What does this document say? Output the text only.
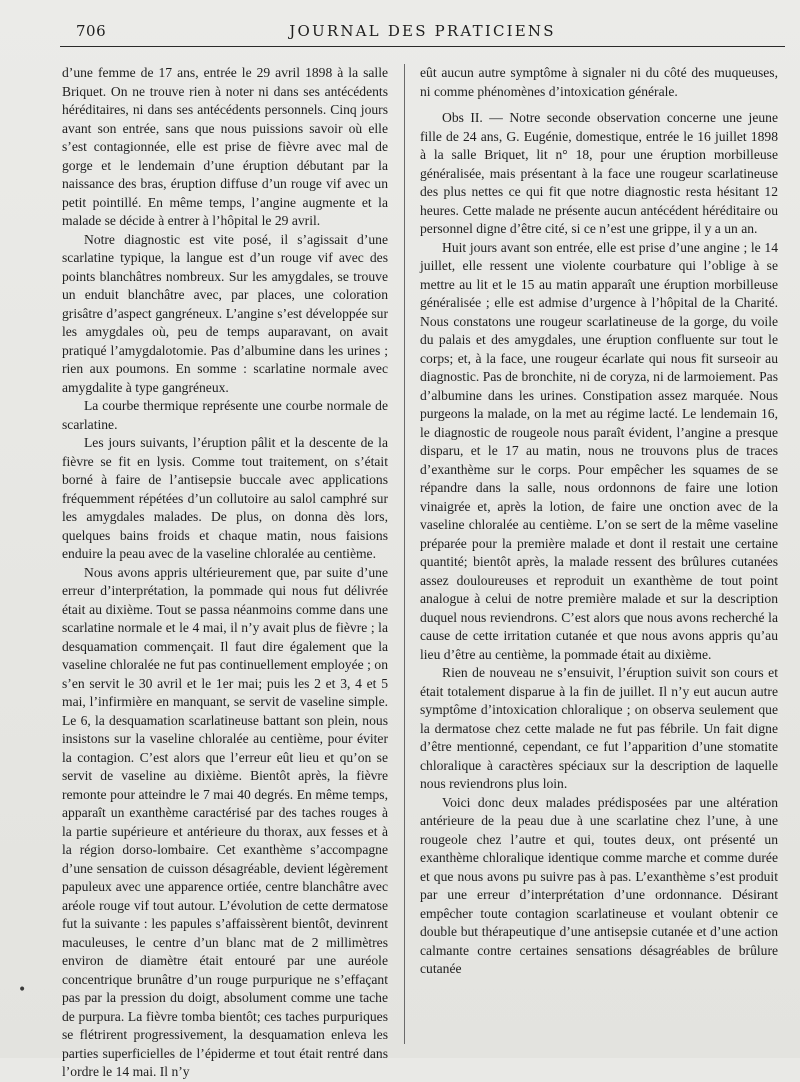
706	JOURNAL DES PRATICIENS

d’une femme de 17 ans, entrée le 29 avril 1898 à la salle Briquet. On ne trouve rien à noter ni dans ses antécédents héréditaires, ni dans ses antécédents personnels. Cinq jours avant son entrée, sans que nous puissions savoir où elle s’est contagionnée, elle est prise de fièvre avec mal de gorge et le lendemain d’une éruption débutant par la naissance des bras, éruption diffuse d’un rouge vif avec un petit pointillé. En même temps, l’angine augmente et la malade se décide à entrer à l’hôpital le 29 avril.

Notre diagnostic est vite posé, il s’agissait d’une scarlatine typique, la langue est d’un rouge vif avec des points blanchâtres nombreux. Sur les amygdales, se trouve un enduit blanchâtre avec, par places, une coloration grisâtre d’aspect gangréneux. L’angine s’est développée sur les amygdales où, peu de temps auparavant, on avait pratiqué l’amygdalotomie. Pas d’albumine dans les urines ; rien aux poumons. En somme : scarlatine normale avec amygdalite à type gangréneux.

La courbe thermique représente une courbe normale de scarlatine.

Les jours suivants, l’éruption pâlit et la descente de la fièvre se fit en lysis. Comme tout traitement, on s’était borné à faire de l’antisepsie buccale avec applications fréquemment répétées d’un collutoire au salol camphré sur les amygdales malades. De plus, on donna dès lors, quelques bains froids et chaque matin, nous faisions enduire la peau avec de la vaseline chloralée au centième.

Nous avons appris ultérieurement que, par suite d’une erreur d’interprétation, la pommade qui nous fut délivrée était au dixième. Tout se passa néanmoins comme dans une scarlatine normale et le 4 mai, il n’y avait plus de fièvre ; la desquamation commençait. Il faut dire également que la vaseline chloralée ne fut pas continuellement employée ; on s’en servit le 30 avril et le 1er mai; puis les 2 et 3, 4 et 5 mai, l’infirmière en manquant, se servit de vaseline simple. Le 6, la desquamation scarlatineuse battant son plein, nous insistons sur la vaseline chloralée au centième, pour éviter la contagion. C’est alors que l’erreur eût lieu et qu’on se servit de vaseline au dixième. Bientôt après, la fièvre remonte pour atteindre le 7 mai 40 degrés. En même temps, apparaît un exanthème caractérisé par des taches rouges à la partie supérieure et antérieure du thorax, aux fesses et à la région dorso-lombaire. Cet exanthème s’accompagne d’une sensation de cuisson désagréable, devient légèrement papuleux avec une apparence ortiée, centre blanchâtre avec aréole rouge vif tout autour. L’évolution de cette dermatose fut la suivante : les papules s’affaissèrent bientôt, devinrent maculeuses, le centre d’un blanc mat de 2 millimètres environ de diamètre était entouré par une auréole concentrique brunâtre d’un rouge purpurique ne s’effaçant pas par la pression du doigt, absolument comme une tache de purpura. La fièvre tomba bientôt; ces taches purpuriques se flétrirent progressivement, la desquamation enleva les parties superficielles de l’épiderme et tout était rentré dans l’ordre le 14 mai. Il n’y

eût aucun autre symptôme à signaler ni du côté des muqueuses, ni comme phénomènes d’intoxication générale.

Obs II. — Notre seconde observation concerne une jeune fille de 24 ans, G. Eugénie, domestique, entrée le 16 juillet 1898 à la salle Briquet, lit n° 18, pour une éruption morbilleuse généralisée, mais présentant à la face une rougeur scarlatineuse des plus nettes ce qui fit que notre diagnostic resta hésitant 12 heures. Cette malade ne présente aucun antécédent héréditaire ou personnel digne d’être cité, si ce n’est une grippe, il y a un an.

Huit jours avant son entrée, elle est prise d’une angine ; le 14 juillet, elle ressent une violente courbature qui l’oblige à se mettre au lit et le 15 au matin apparaît une éruption morbilleuse généralisée ; elle est admise d’urgence à l’hôpital de la Charité. Nous constatons une rougeur scarlatineuse de la gorge, du voile du palais et des amygdales, une éruption confluente sur tout le corps; et, à la face, une rougeur écarlate qui nous fit surseoir au diagnostic. Pas de bronchite, ni de coryza, ni de larmoiement. Pas d’albumine dans les urines. Constipation assez marquée. Nous purgeons la malade, on la met au régime lacté. Le lendemain 16, le diagnostic de rougeole nous paraît évident, l’angine a presque disparu, et le 17 au matin, nous ne trouvons plus de traces d’exanthème sur le corps. Pour empêcher les squames de se répandre dans la salle, nous ordonnons de faire une lotion vinaigrée et, après la lotion, de faire une onction avec de la vaseline chloralée au centième. L’on se sert de la même vaseline préparée pour la première malade et dont il restait une certaine quantité; bientôt après, la malade ressent des brûlures cutanées assez douloureuses et reproduit un exanthème de tout point analogue à celui de notre première malade et sur la description duquel nous reviendrons. C’est alors que nous avons recherché la cause de cette irritation cutanée et que nous avons appris qu’au lieu d’être au centième, la pommade était au dixième.

Rien de nouveau ne s’ensuivit, l’éruption suivit son cours et était totalement disparue à la fin de juillet. Il n’y eut aucun autre symptôme d’intoxication chloralique ; on observa seulement que la dermatose chez cette malade ne fut pas fébrile. Un fait digne d’être mentionné, cependant, ce fut l’apparition d’une stomatite chloralique à caractères spéciaux sur la description de laquelle nous reviendrons plus loin.

Voici donc deux malades prédisposées par une altération antérieure de la peau due à une scarlatine chez l’une, à une rougeole chez l’autre et qui, toutes deux, ont présenté un exanthème chloralique identique comme marche et comme durée et que nous avons pu suivre pas à pas. L’exanthème s’est produit par une erreur d’interprétation d’une ordonnance. Désirant empêcher toute contagion scarlatineuse et voulant obtenir ce double but thérapeutique d’une antisepsie cutanée et d’une action calmante contre certaines sensations désagréables de brûlure cutanée

•
